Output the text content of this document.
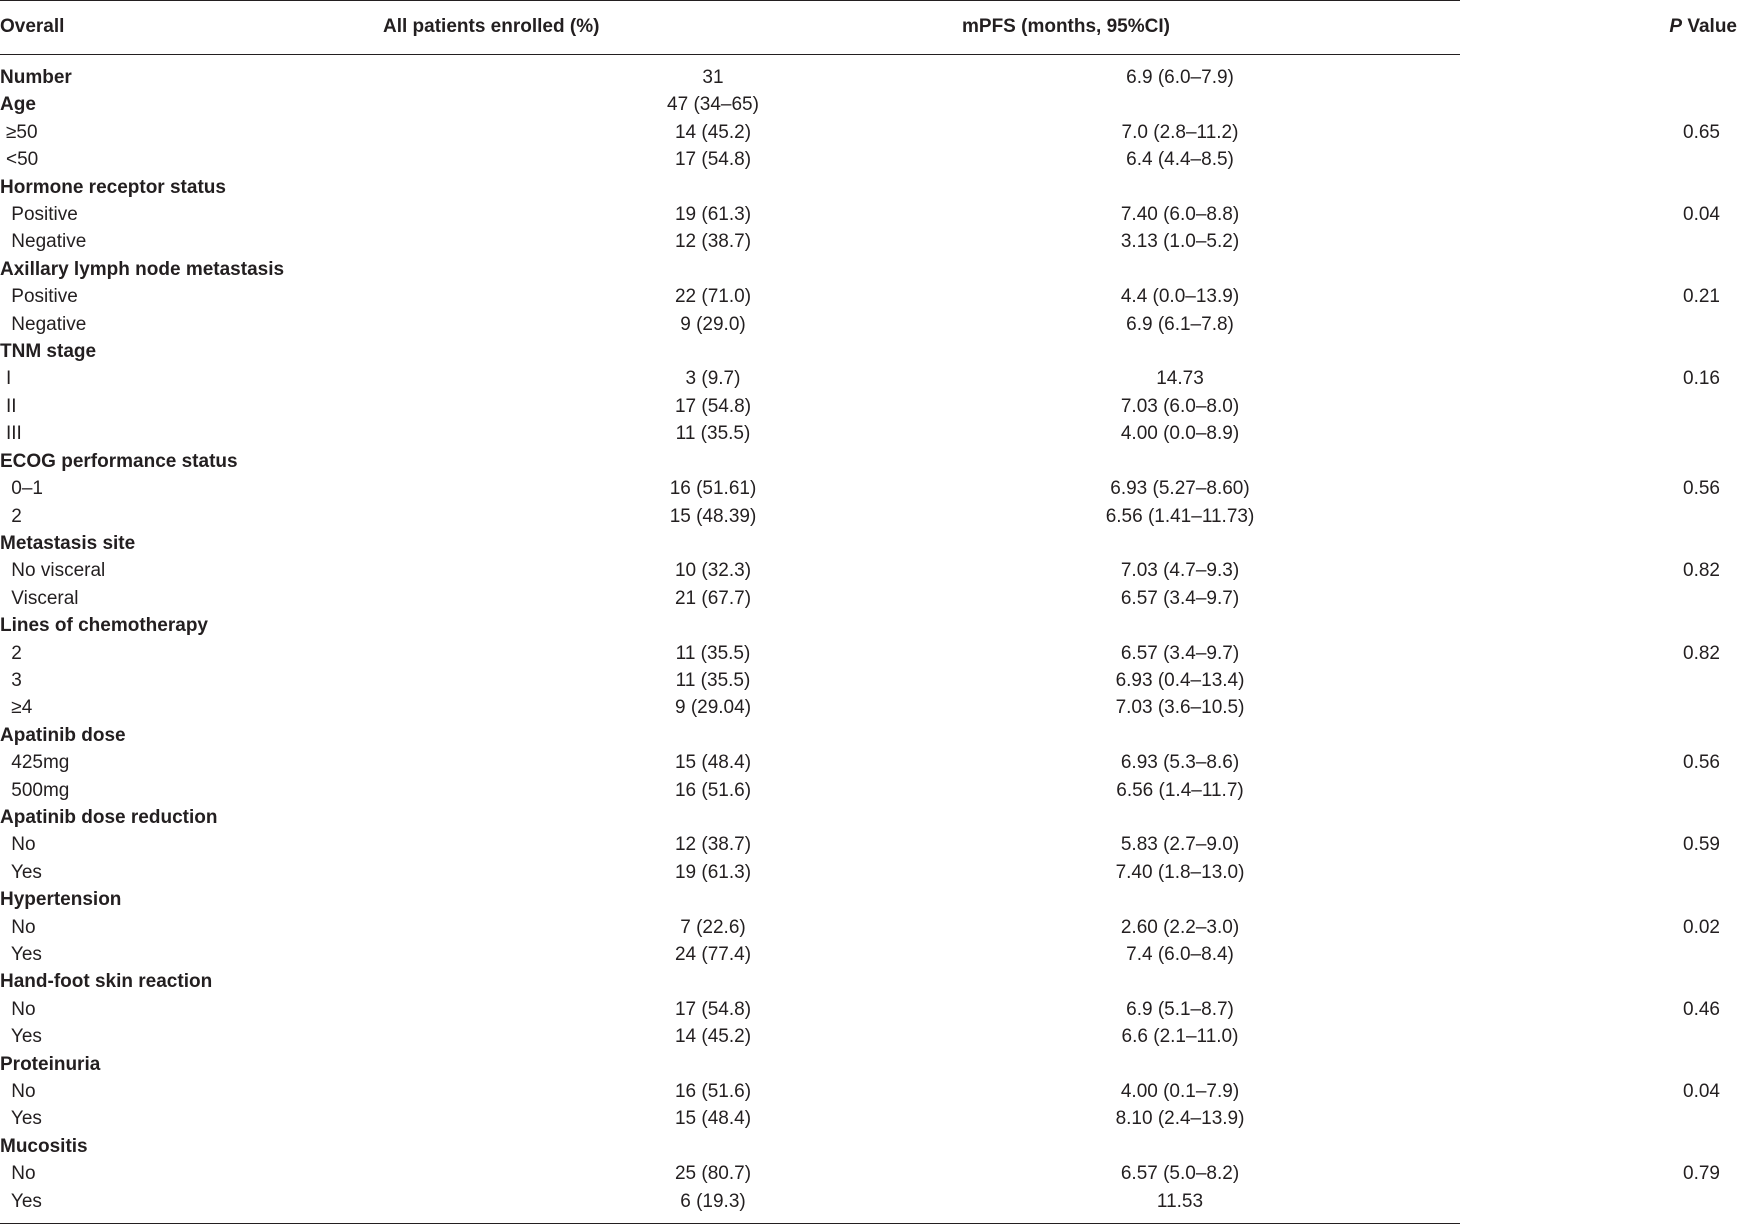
Overall	All patients enrolled (%)	mPFS (months, 95%CI)	P Value

Number	31	6.9 (6.0–7.9)	
Age	47 (34–65)		
≥50	14 (45.2)	7.0 (2.8–11.2)	0.65
<50	17 (54.8)	6.4 (4.4–8.5)	
Hormone receptor status			
Positive	19 (61.3)	7.40 (6.0–8.8)	0.04
Negative	12 (38.7)	3.13 (1.0–5.2)	
Axillary lymph node metastasis			
Positive	22 (71.0)	4.4 (0.0–13.9)	0.21
Negative	9 (29.0)	6.9 (6.1–7.8)	
TNM stage			
I	3 (9.7)	14.73	0.16
II	17 (54.8)	7.03 (6.0–8.0)	
III	11 (35.5)	4.00 (0.0–8.9)	
ECOG performance status			
0–1	16 (51.61)	6.93 (5.27–8.60)	0.56
2	15 (48.39)	6.56 (1.41–11.73)	
Metastasis site			
No visceral	10 (32.3)	7.03 (4.7–9.3)	0.82
Visceral	21 (67.7)	6.57 (3.4–9.7)	
Lines of chemotherapy			
2	11 (35.5)	6.57 (3.4–9.7)	0.82
3	11 (35.5)	6.93 (0.4–13.4)	
≥4	9 (29.04)	7.03 (3.6–10.5)	
Apatinib dose			
425mg	15 (48.4)	6.93 (5.3–8.6)	0.56
500mg	16 (51.6)	6.56 (1.4–11.7)	
Apatinib dose reduction			
No	12 (38.7)	5.83 (2.7–9.0)	0.59
Yes	19 (61.3)	7.40 (1.8–13.0)	
Hypertension			
No	7 (22.6)	2.60 (2.2–3.0)	0.02
Yes	24 (77.4)	7.4 (6.0–8.4)	
Hand-foot skin reaction			
No	17 (54.8)	6.9 (5.1–8.7)	0.46
Yes	14 (45.2)	6.6 (2.1–11.0)	
Proteinuria			
No	16 (51.6)	4.00 (0.1–7.9)	0.04
Yes	15 (48.4)	8.10 (2.4–13.9)	
Mucositis			
No	25 (80.7)	6.57 (5.0–8.2)	0.79
Yes	6 (19.3)	11.53	
